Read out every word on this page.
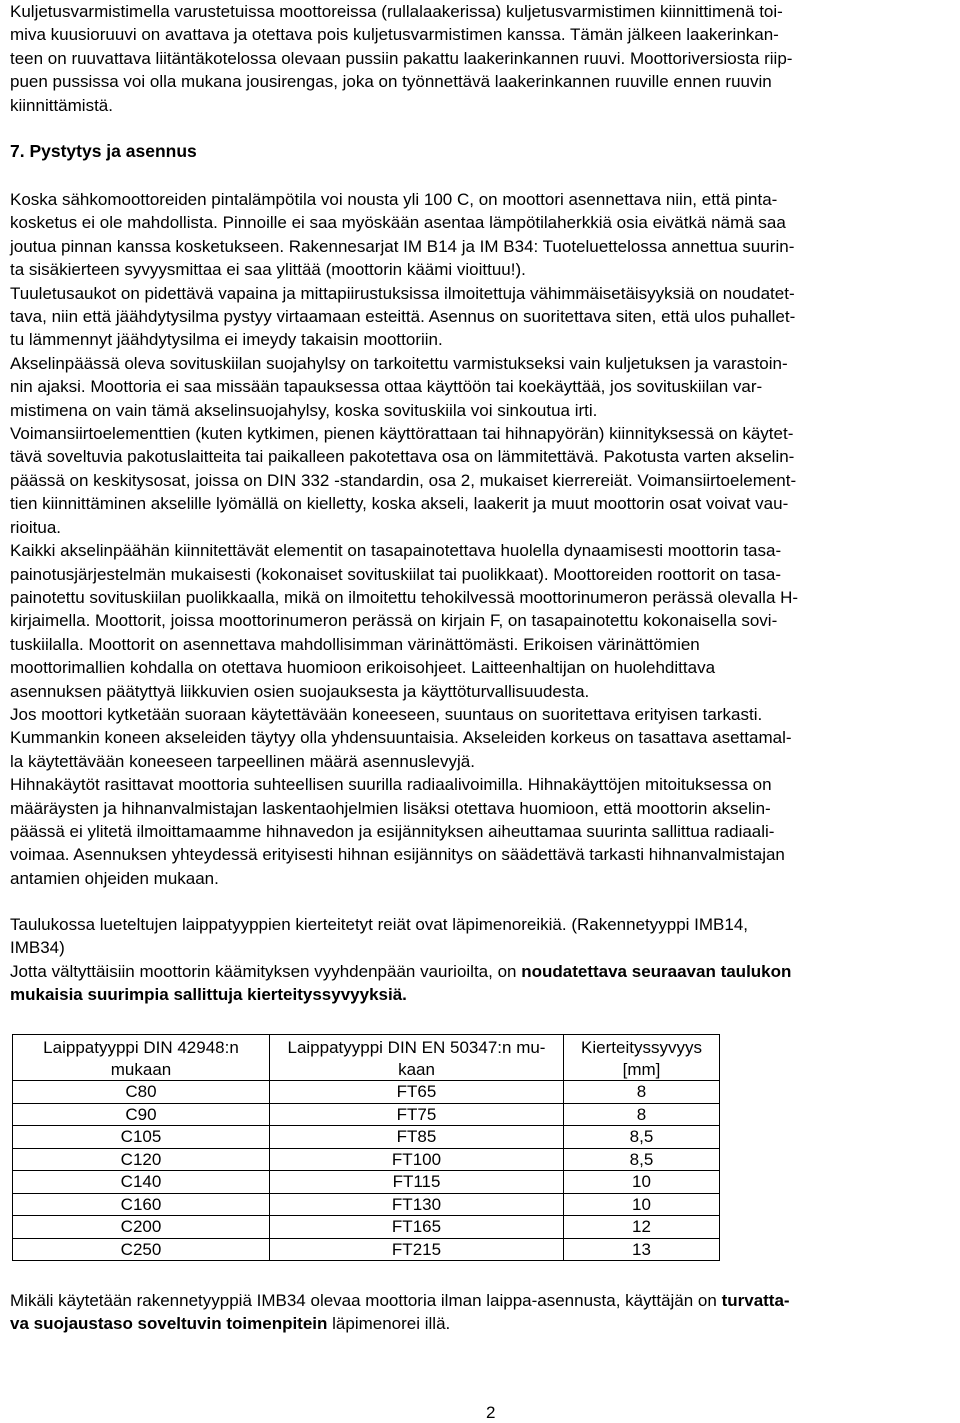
Kuljetusvarmistimella varustetuissa moottoreissa (rullalaakerissa) kuljetusvarmistimen kiinnittimenä toi-
miva kuusioruuvi on avattava ja otettava pois kuljetusvarmistimen kanssa. Tämän jälkeen laakerinkan-
teen on ruuvattava liitäntäkotelossa olevaan pussiin pakattu laakerinkannen ruuvi. Moottoriversiosta riip-
puen pussissa voi olla mukana jousirengas, joka on työnnettävä laakerinkannen ruuville ennen ruuvin
kiinnittämistä.

7. Pystytys ja asennus

Koska sähkomoottoreiden pintalämpötila voi nousta yli 100 C, on moottori asennettava niin, että pinta-
kosketus ei ole mahdollista. Pinnoille ei saa myöskään asentaa lämpötilaherkkiä osia eivätkä nämä saa
joutua pinnan kanssa kosketukseen. Rakennesarjat IM B14 ja IM B34: Tuoteluettelossa annettua suurin-
ta sisäkierteen syvyysmittaa ei saa ylittää (moottorin käämi vioittuu!).
Tuuletusaukot on pidettävä vapaina ja mittapiirustuksissa ilmoitettuja vähimmäisetäisyyksiä on noudatet-
tava, niin että jäähdytysilma pystyy virtaamaan esteittä. Asennus on suoritettava siten, että ulos puhallet-
tu lämmennyt jäähdytysilma ei imeydy takaisin moottoriin.
Akselinpäässä oleva sovituskiilan suojahylsy on tarkoitettu varmistukseksi vain kuljetuksen ja varastoin-
nin ajaksi. Moottoria ei saa missään tapauksessa ottaa käyttöön tai koekäyttää, jos sovituskiilan var-
mistimena on vain tämä akselinsuojahylsy, koska sovituskiila voi sinkoutua irti.
Voimansiirtoelementtien (kuten kytkimen, pienen käyttörattaan tai hihnapyörän) kiinnityksessä on käytet-
tävä soveltuvia pakotuslaitteita tai paikalleen pakotettava osa on lämmitettävä. Pakotusta varten akselin-
päässä on keskitysosat, joissa on DIN 332 -standardin, osa 2, mukaiset kierrereiät. Voimansiirtoelement-
tien kiinnittäminen akselille lyömällä on kielletty, koska akseli, laakerit ja muut moottorin osat voivat vau-
rioitua.
Kaikki akselinpäähän kiinnitettävät elementit on tasapainotettava huolella dynaamisesti moottorin tasa-
painotusjärjestelmän mukaisesti (kokonaiset sovituskiilat tai puolikkaat). Moottoreiden roottorit on tasa-
painotettu sovituskiilan puolikkaalla, mikä on ilmoitettu tehokilvessä moottorinumeron perässä olevalla H-
kirjaimella. Moottorit, joissa moottorinumeron perässä on kirjain F, on tasapainotettu kokonaisella sovi-
tuskiilalla. Moottorit on asennettava mahdollisimman värinättömästi. Erikoisen värinättömien
moottorimallien kohdalla on otettava huomioon erikoisohjeet. Laitteenhaltijan on huolehdittava
asennuksen päätyttyä liikkuvien osien suojauksesta ja käyttöturvallisuudesta.
Jos moottori kytketään suoraan käytettävään koneeseen, suuntaus on suoritettava erityisen tarkasti.
Kummankin koneen akseleiden täytyy olla yhdensuuntaisia. Akseleiden korkeus on tasattava asettamal-
la käytettävään koneeseen tarpeellinen määrä asennuslevyjä.
Hihnakäytöt rasittavat moottoria suhteellisen suurilla radiaalivoimilla. Hihnakäyttöjen mitoituksessa on
määräysten ja hihnanvalmistajan laskentaohjelmien lisäksi otettava huomioon, että moottorin akselin-
päässä ei ylitetä ilmoittamaamme hihnavedon ja esijännityksen aiheuttamaa suurinta sallittua radiaali-
voimaa. Asennuksen yhteydessä erityisesti hihnan esijännitys on säädettävä tarkasti hihnanvalmistajan
antamien ohjeiden mukaan.

Taulukossa lueteltujen laippatyyppien kierteitetyt reiät ovat läpimenoreikiä. (Rakennetyyppi IMB14,
IMB34)

Jotta vältyttäisiin moottorin käämityksen vyyhdenpään vaurioilta, on noudatettava seuraavan taulukon
mukaisia suurimpia sallittuja kierteityssyvyyksiä.

Laippatyyppi DIN 42948:n
mukaan	Laippatyyppi DIN EN 50347:n mu-
kaan	Kierteityssyvyys
[mm]
C80	FT65	8
C90	FT75	8
C105	FT85	8,5
C120	FT100	8,5
C140	FT115	10
C160	FT130	10
C200	FT165	12
C250	FT215	13

Mikäli käytetään rakennetyyppiä IMB34 olevaa moottoria ilman laippa-asennusta, käyttäjän on turvatta-
va suojaustaso soveltuvin toimenpitein läpimenorei illä.

2
